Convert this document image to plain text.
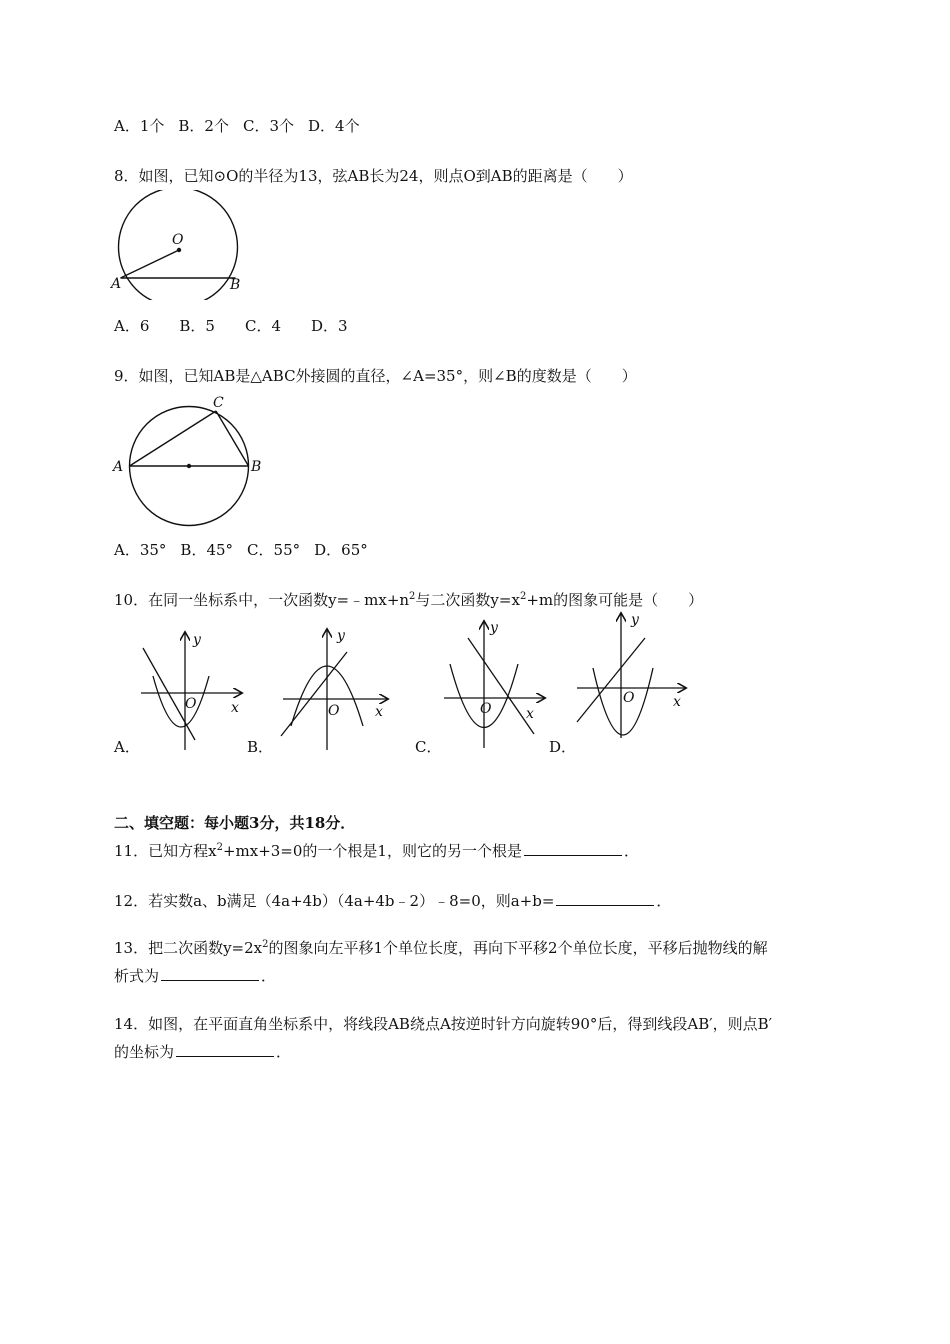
A．1个 B．2个 C．3个 D．4个
8．如图，已知⊙O的半径为13，弦AB长为24，则点O到AB的距离是（　　）
O
A	B
A．6 B．5 C．4 D．3
9．如图，已知AB是△ABC外接圆的直径，∠A=35°，则∠B的度数是（　　）
C
A	B
A．35° B．45° C．55° D．65°
10．在同一坐标系中，一次函数$y=﹣mx+n^2$与二次函数$y=x^2+m$的图象可能是（　　）
A．
y
x
O
B．
y
x
O
C．
y
x
O
D．
y
x
O
二、填空题：每小题3分，共18分．
11．已知方程$x^2+mx+3=0$的一个根是1，则它的另一个根是	．
12．若实数a、b满足（4a+4b）（4a+4b﹣2）﹣8=0，则a+b=	．
13．把二次函数$y=2x^2$的图象向左平移1个单位长度，再向下平移2个单位长度，平移后抛物线的解
析式为	．
14．如图，在平面直角坐标系中，将线段AB绕点A按逆时针方向旋转90°后，得到线段AB′，则点B′
的坐标为	．
